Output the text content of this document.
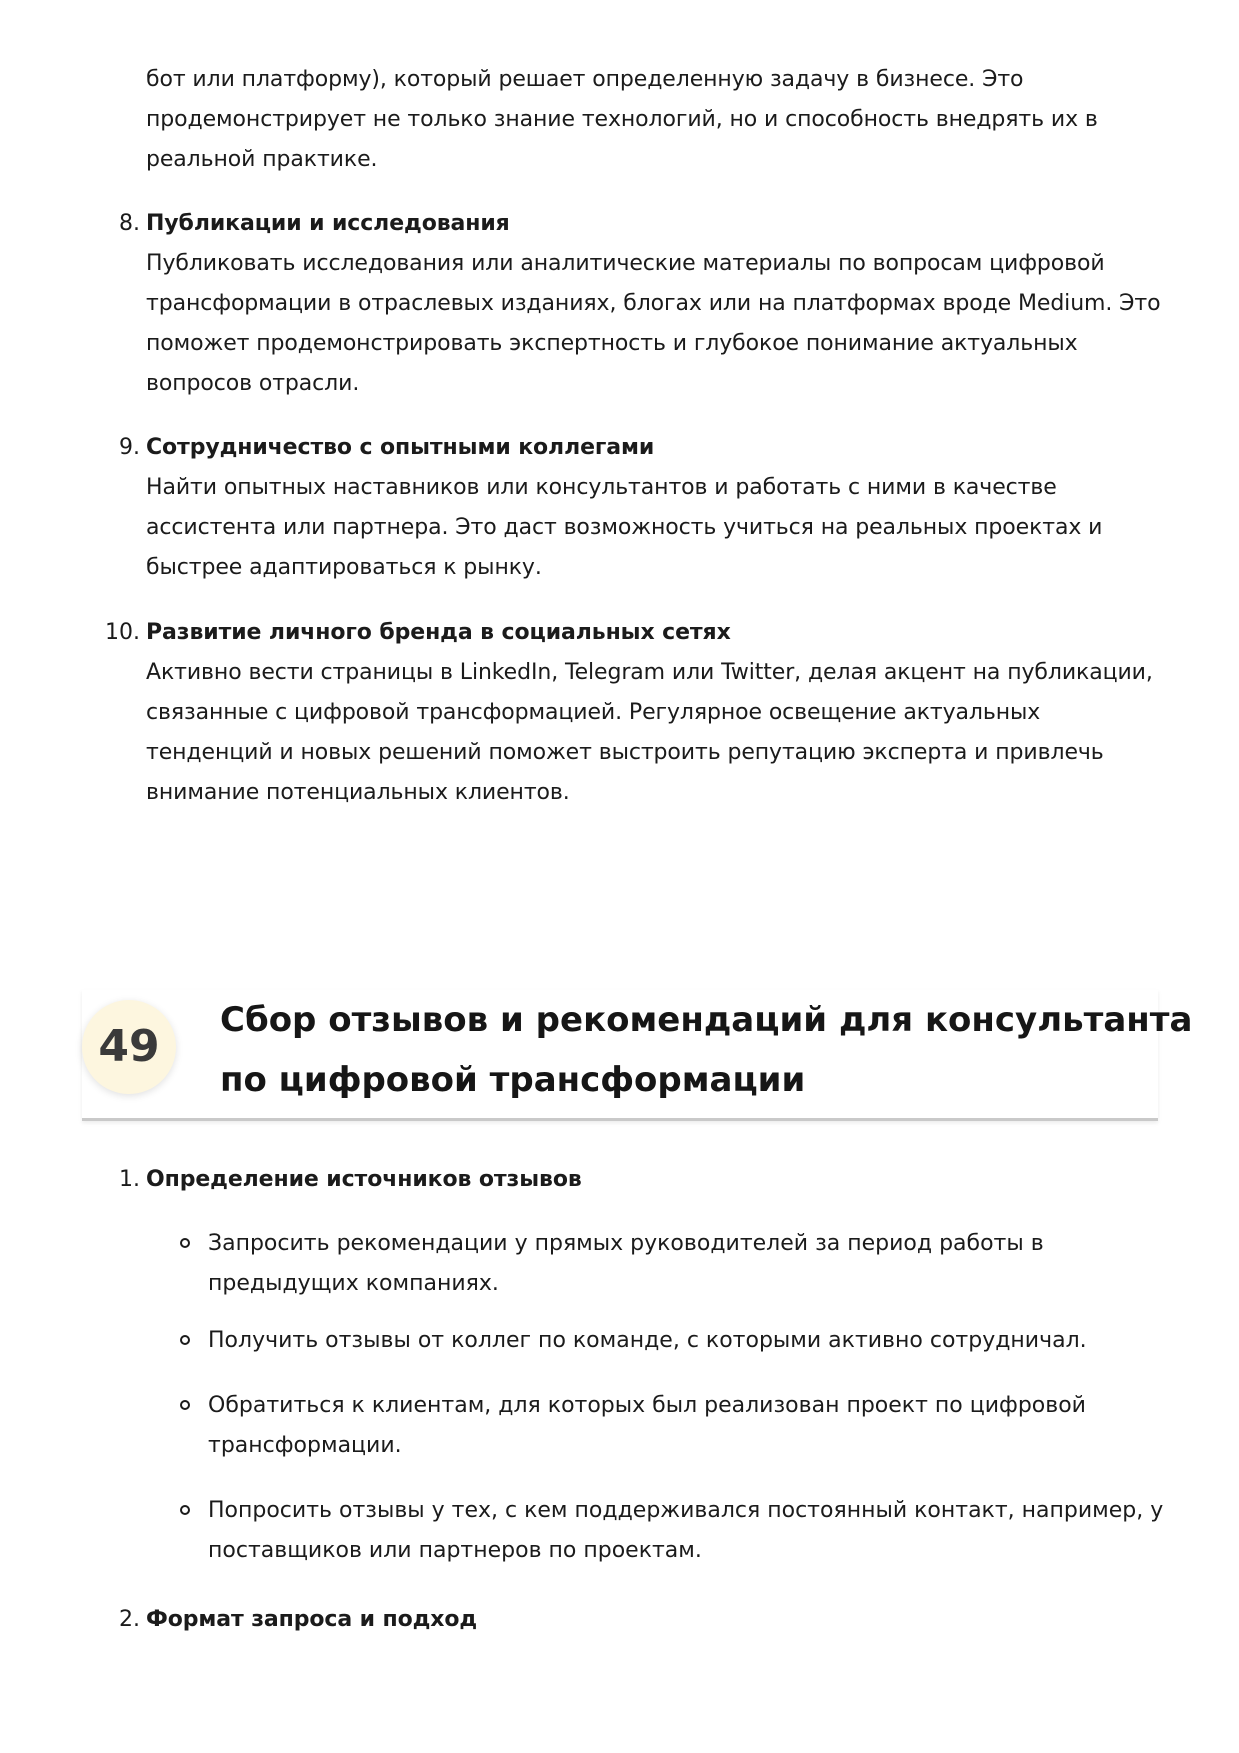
бот или платформу), который решает определенную задачу в бизнесе. Это
продемонстрирует не только знание технологий, но и способность внедрять их в
реальной практике.
8. Публикации и исследования
Публиковать исследования или аналитические материалы по вопросам цифровой
трансформации в отраслевых изданиях, блогах или на платформах вроде Medium. Это
поможет продемонстрировать экспертность и глубокое понимание актуальных
вопросов отрасли.
9. Сотрудничество с опытными коллегами
Найти опытных наставников или консультантов и работать с ними в качестве
ассистента или партнера. Это даст возможность учиться на реальных проектах и
быстрее адаптироваться к рынку.
10. Развитие личного бренда в социальных сетях
Активно вести страницы в LinkedIn, Telegram или Twitter, делая акцент на публикации,
связанные с цифровой трансформацией. Регулярное освещение актуальных
тенденций и новых решений поможет выстроить репутацию эксперта и привлечь
внимание потенциальных клиентов.
49
Сбор отзывов и рекомендаций для консультанта
по цифровой трансформации
1. Определение источников отзывов
Запросить рекомендации у прямых руководителей за период работы в
предыдущих компаниях.
Получить отзывы от коллег по команде, с которыми активно сотрудничал.
Обратиться к клиентам, для которых был реализован проект по цифровой
трансформации.
Попросить отзывы у тех, с кем поддерживался постоянный контакт, например, у
поставщиков или партнеров по проектам.
2. Формат запроса и подход
